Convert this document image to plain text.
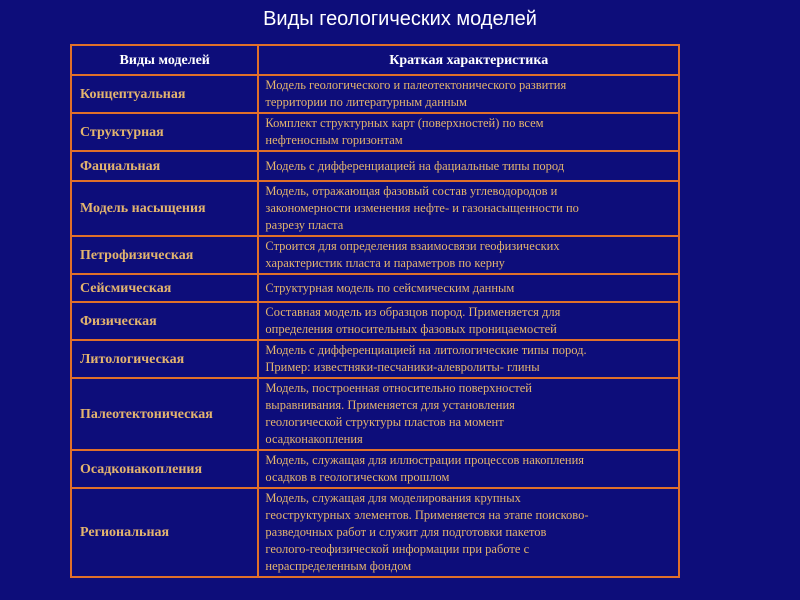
Виды геологических моделей
Виды моделей	Краткая характеристика
Концептуальная	Модель геологического и палеотектонического развития
территории по литературным данным
Структурная	Комплект структурных карт (поверхностей) по всем
нефтеносным горизонтам
Фациальная	Модель с дифференциацией на фациальные типы пород
Модель насыщения	Модель, отражающая фазовый состав углеводородов и
закономерности изменения нефте- и газонасыщенности по
разрезу пласта
Петрофизическая	Строится для определения взаимосвязи геофизических
характеристик пласта и параметров по керну
Сейсмическая	Структурная модель по сейсмическим данным
Физическая	Составная модель из образцов пород. Применяется для
определения относительных фазовых проницаемостей
Литологическая	Модель с дифференциацией на литологические типы пород.
Пример: известняки-песчаники-алевролиты- глины
Палеотектоническая	Модель, построенная относительно поверхностей
выравнивания. Применяется для установления
геологической структуры пластов на момент
осадконакопления
Осадконакопления	Модель, служащая для иллюстрации процессов накопления
осадков в геологическом прошлом
Региональная	Модель, служащая для моделирования крупных
геоструктурных элементов. Применяется на этапе поисково-
разведочных работ и служит для подготовки пакетов
геолого-геофизической информации при работе с
нераспределенным фондом
